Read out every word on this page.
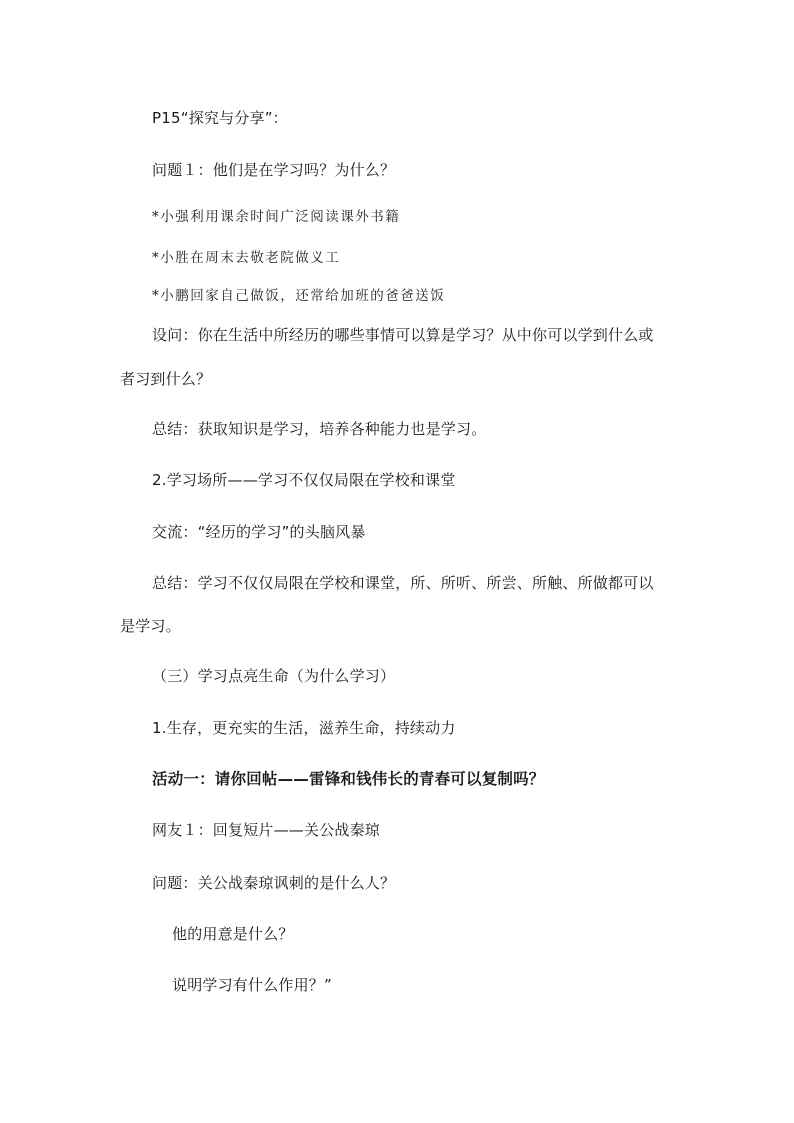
P15“探究与分享”：
问题１：他们是在学习吗？为什么？
*小强利用课余时间广泛阅读课外书籍
*小胜在周末去敬老院做义工
*小鹏回家自己做饭，还常给加班的爸爸送饭
设问：你在生活中所经历的哪些事情可以算是学习？从中你可以学到什么或
者习到什么？
总结：获取知识是学习，培养各种能力也是学习。
2.学习场所——学习不仅仅局限在学校和课堂
交流：“经历的学习”的头脑风暴
总结：学习不仅仅局限在学校和课堂，所、所听、所尝、所触、所做都可以
是学习。
（三）学习点亮生命（为什么学习）
1.生存，更充实的生活，滋养生命，持续动力
活动一：请你回帖——雷锋和钱伟长的青春可以复制吗？
网友１：回复短片——关公战秦琼
问题：关公战秦琼讽刺的是什么人？
他的用意是什么？
说明学习有什么作用？”
